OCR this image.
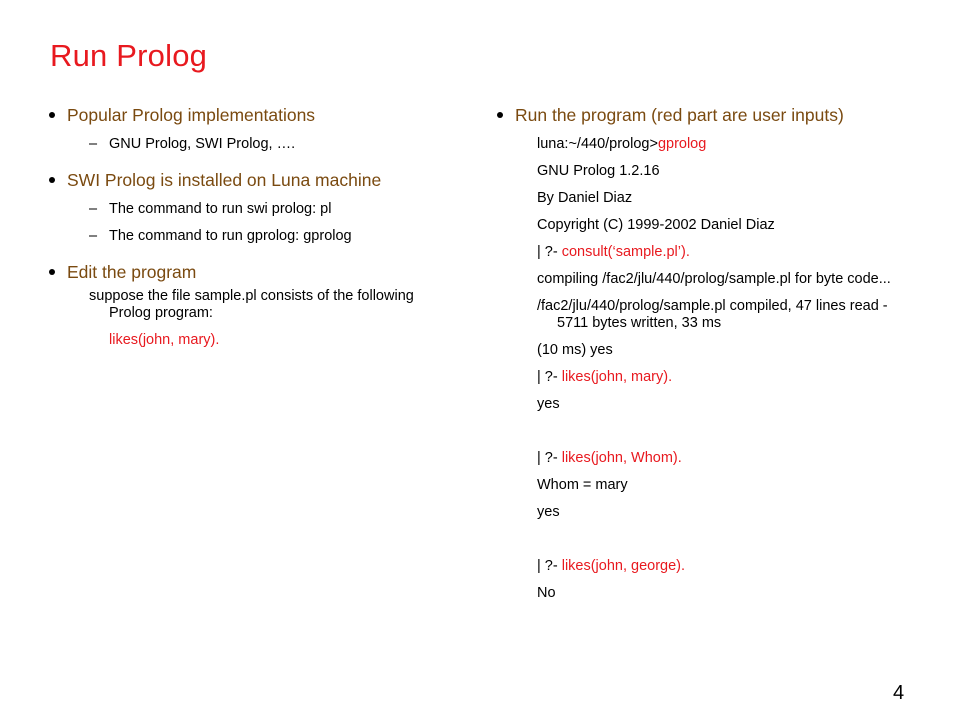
Run Prolog
Popular Prolog implementations
– GNU Prolog, SWI Prolog, ….
SWI Prolog is installed on Luna machine
– The command to run swi prolog: pl
– The command to run gprolog: gprolog
Edit the program
suppose the file sample.pl consists of the following Prolog program:
likes(john, mary).
Run the program (red part are user inputs)
luna:~/440/prolog>gprolog
GNU Prolog 1.2.16
By Daniel Diaz
Copyright (C) 1999-2002 Daniel Diaz
| ?- consult(‘sample.pl’).
compiling /fac2/jlu/440/prolog/sample.pl for byte code...
/fac2/jlu/440/prolog/sample.pl compiled, 47 lines read - 5711 bytes written, 33 ms
(10 ms) yes
| ?- likes(john, mary).
yes
| ?- likes(john, Whom).
Whom = mary
yes
| ?- likes(john, george).
No
4
